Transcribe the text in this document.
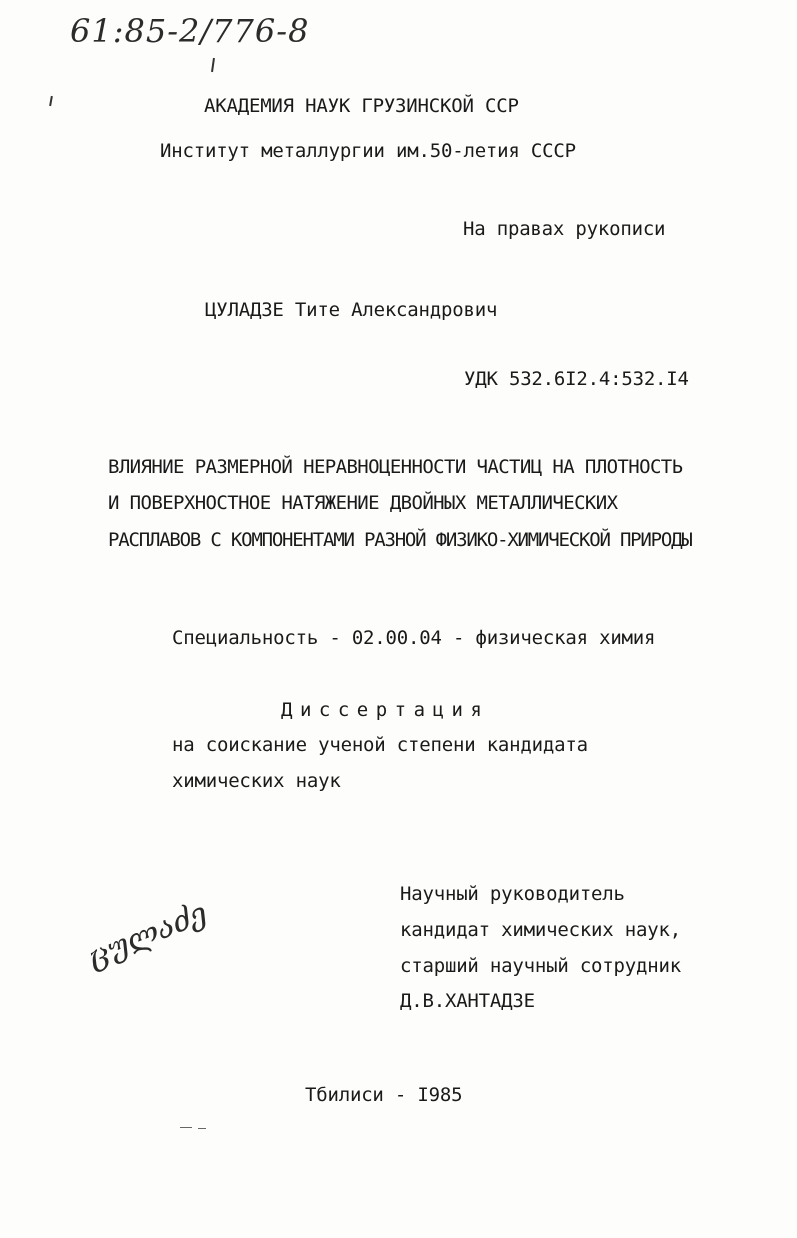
61:85-2/776-8
АКАДЕМИЯ НАУК ГРУЗИНСКОЙ ССР
Институт металлургии им.50-летия СССР
На правах рукописи
ЦУЛАДЗЕ Тите Александрович
УДК 532.6I2.4:532.I4
ВЛИЯНИЕ РАЗМЕРНОЙ НЕРАВНОЦЕННОСТИ ЧАСТИЦ НА ПЛОТНОСТЬ
И ПОВЕРХНОСТНОЕ НАТЯЖЕНИЕ ДВОЙНЫХ МЕТАЛЛИЧЕСКИХ
РАСПЛАВОВ С КОМПОНЕНТАМИ РАЗНОЙ ФИЗИКО-ХИМИЧЕСКОЙ ПРИРОДЫ
Специальность - 02.00.04 - физическая химия
Диссертация
на соискание ученой степени кандидата
химических наук
Научный руководитель
кандидат химических наук,
старший научный сотрудник
Д.В.ХАНТАДЗЕ
ცულაძე
Тбилиси - I985
